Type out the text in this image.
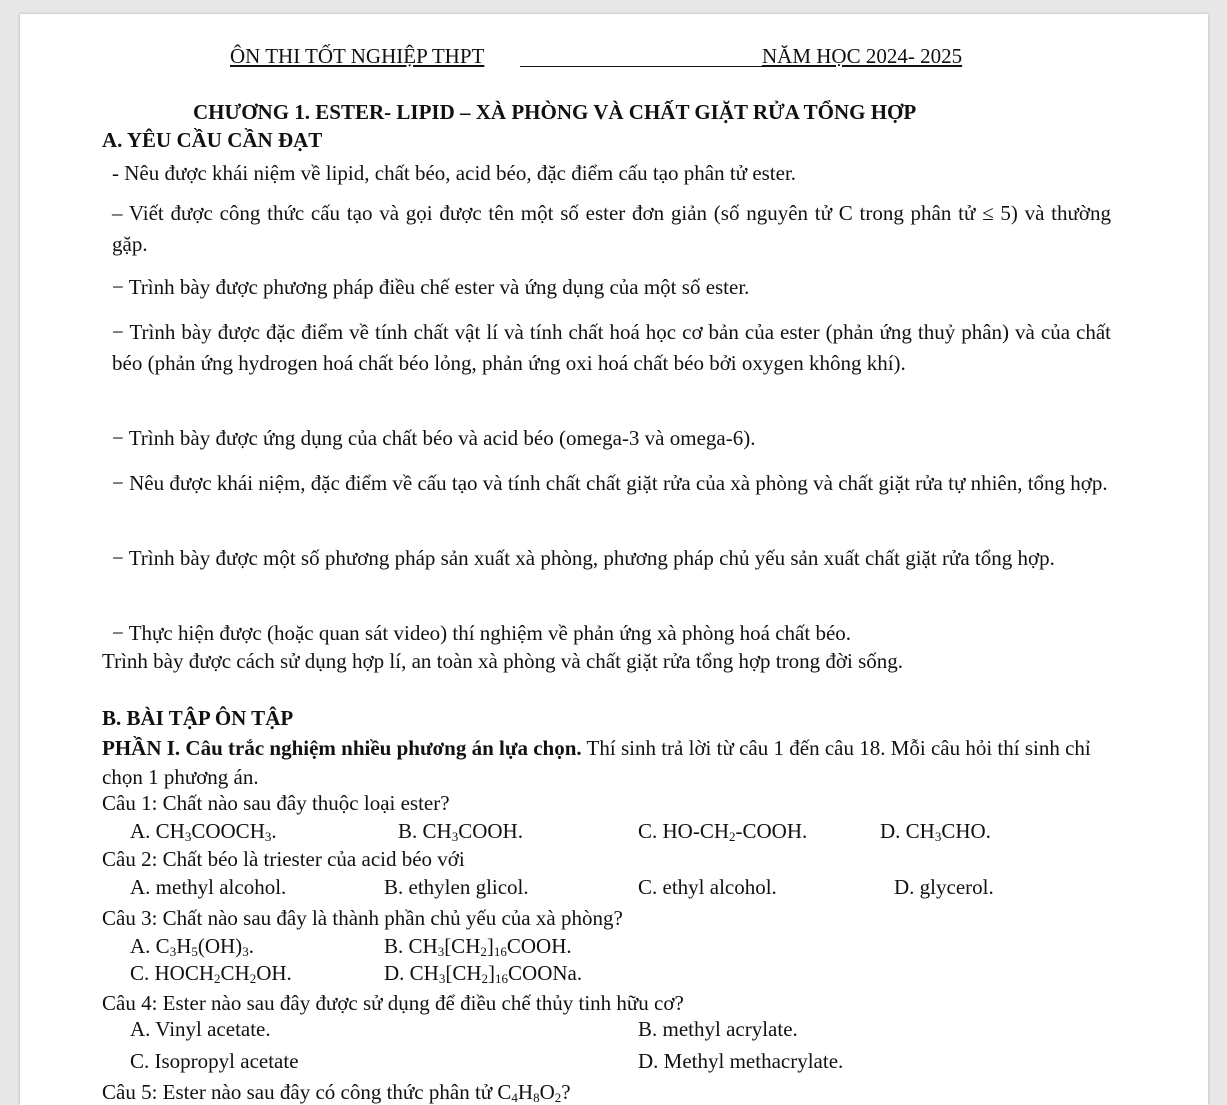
ÔN THI TỐT NGHIỆP THPT	NĂM HỌC 2024- 2025
CHƯƠNG 1. ESTER- LIPID – XÀ PHÒNG VÀ CHẤT GIẶT RỬA TỔNG HỢP
A. YÊU CẦU CẦN ĐẠT
- Nêu được khái niệm về lipid, chất béo, acid béo, đặc điểm cấu tạo phân tử ester.
– Viết được công thức cấu tạo và gọi được tên một số ester đơn giản (số nguyên tử C trong phân tử ≤ 5) và thường gặp.
− Trình bày được phương pháp điều chế ester và ứng dụng của một số ester.
− Trình bày được đặc điểm về tính chất vật lí và tính chất hoá học cơ bản của ester (phản ứng thuỷ phân) và của chất béo (phản ứng hydrogen hoá chất béo lỏng, phản ứng oxi hoá chất béo bởi oxygen không khí).
− Trình bày được ứng dụng của chất béo và acid béo (omega-3 và omega-6).
− Nêu được khái niệm, đặc điểm về cấu tạo và tính chất chất giặt rửa của xà phòng và chất giặt rửa tự nhiên, tổng hợp.
− Trình bày được một số phương pháp sản xuất xà phòng, phương pháp chủ yếu sản xuất chất giặt rửa tổng hợp.
− Thực hiện được (hoặc quan sát video) thí nghiệm về phản ứng xà phòng hoá chất béo.
Trình bày được cách sử dụng hợp lí, an toàn xà phòng và chất giặt rửa tổng hợp trong đời sống.
B. BÀI TẬP ÔN TẬP
PHẦN I. Câu trắc nghiệm nhiều phương án lựa chọn. Thí sinh trả lời từ câu 1 đến câu 18. Mỗi câu hỏi thí sinh chỉ chọn 1 phương án.
Câu 1: Chất nào sau đây thuộc loại ester?
A. $CH_3COOCH_3$.	B. $CH_3COOH$.	C. $HO-CH_2$-COOH.	D. $CH_3CHO$.
Câu 2: Chất béo là triester của acid béo với
A. methyl alcohol.	B. ethylen glicol.	C. ethyl alcohol.	D. glycerol.
Câu 3: Chất nào sau đây là thành phần chủ yếu của xà phòng?
A. $C_3H_5(OH)_3$.	B. $CH_3[CH_2]_{16}COOH$.
C. $HOCH_2CH_2OH$.	D. $CH_3[CH_2]_{16}COONa$.
Câu 4: Ester nào sau đây được sử dụng để điều chế thủy tinh hữu cơ?
A. Vinyl acetate.	B. methyl acrylate.
C. Isopropyl acetate	D. Methyl methacrylate.
Câu 5: Ester nào sau đây có công thức phân tử $C_4H_8O_2$?
